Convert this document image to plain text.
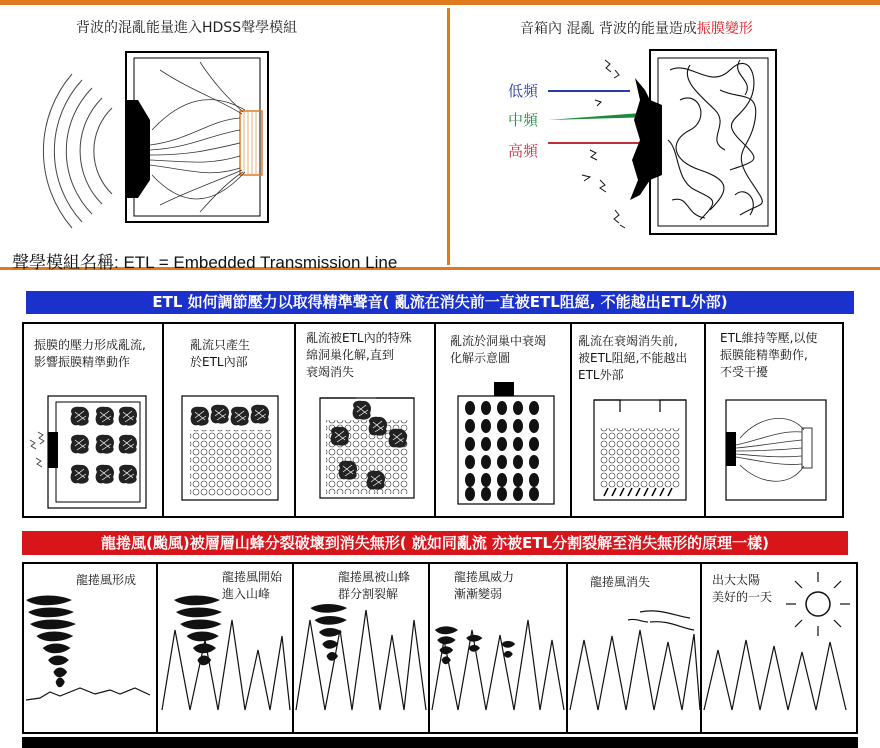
背波的混亂能量進入HDSS聲學模組
聲學模組名稱: ETL = Embedded Transmission Line
音箱內 混亂 背波的能量造成振膜變形
低頻
中頻
高頻
ETL 如何調節壓力以取得精準聲音( 亂流在消失前一直被ETL阻絕, 不能越出ETL外部)
振膜的壓力形成亂流,
影響振膜精準動作
亂流只產生
於ETL內部
亂流被ETL內的特殊
綿洞巢化解,直到
衰竭消失
亂流於洞巢中衰竭
化解示意圖
亂流在衰竭消失前,
被ETL阻絕,不能越出
ETL外部
ETL維持等壓,以使
振膜能精準動作,
不受干擾
龍捲風(颱風)被層層山蜂分裂破壞到消失無形( 就如同亂流 亦被ETL分割裂解至消失無形的原理一樣)
龍捲風形成	龍捲風開始
進入山峰
龍捲風被山蜂
群分割裂解
龍捲風威力
漸漸變弱
龍捲風消失	出大太陽
美好的一天
